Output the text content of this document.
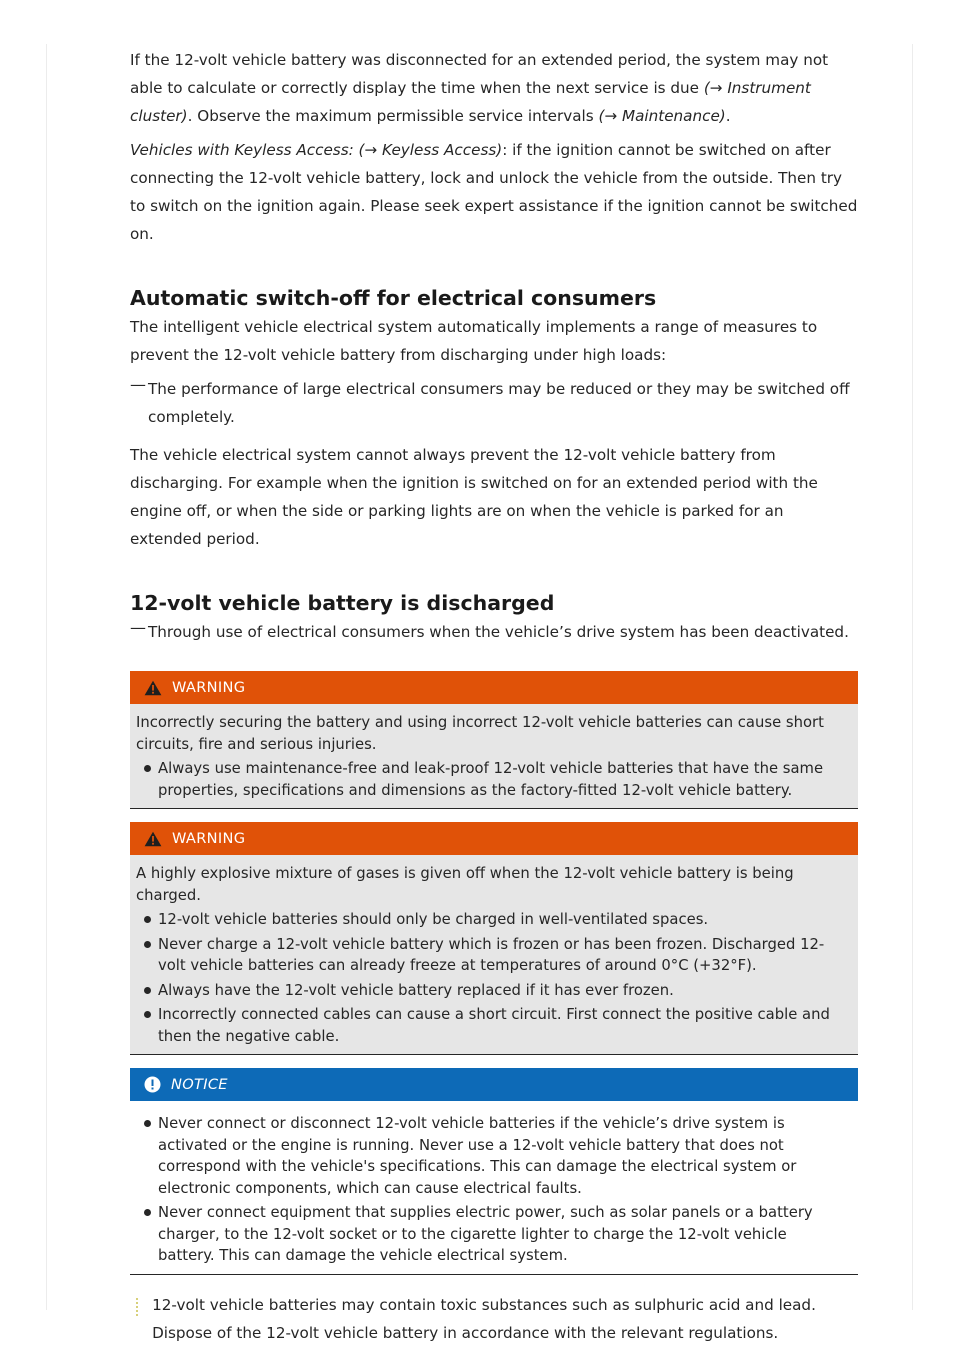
If the 12-volt vehicle battery was disconnected for an extended period, the system may not able to calculate or correctly display the time when the next service is due (→ Instrument cluster). Observe the maximum permissible service intervals (→ Maintenance).

Vehicles with Keyless Access: (→ Keyless Access): if the ignition cannot be switched on after connecting the 12-volt vehicle battery, lock and unlock the vehicle from the outside. Then try to switch on the ignition again. Please seek expert assistance if the ignition cannot be switched on.

Automatic switch-off for electrical consumers

The intelligent vehicle electrical system automatically implements a range of measures to prevent the 12-volt vehicle battery from discharging under high loads:

— The performance of large electrical consumers may be reduced or they may be switched off completely.

The vehicle electrical system cannot always prevent the 12-volt vehicle battery from discharging. For example when the ignition is switched on for an extended period with the engine off, or when the side or parking lights are on when the vehicle is parked for an extended period.

12-volt vehicle battery is discharged
— Through use of electrical consumers when the vehicle’s drive system has been deactivated.

WARNING

Incorrectly securing the battery and using incorrect 12-volt vehicle batteries can cause short circuits, fire and serious injuries.

Always use maintenance-free and leak-proof 12-volt vehicle batteries that have the same properties, specifications and dimensions as the factory-fitted 12-volt vehicle battery.
WARNING

A highly explosive mixture of gases is given off when the 12-volt vehicle battery is being charged.

12-volt vehicle batteries should only be charged in well-ventilated spaces.
Never charge a 12-volt vehicle battery which is frozen or has been frozen. Discharged 12-volt vehicle batteries can already freeze at temperatures of around 0°C (+32°F).
Always have the 12-volt vehicle battery replaced if it has ever frozen.
Incorrectly connected cables can cause a short circuit. First connect the positive cable and then the negative cable.
NOTICE
Never connect or disconnect 12-volt vehicle batteries if the vehicle’s drive system is activated or the engine is running. Never use a 12-volt vehicle battery that does not correspond with the vehicle's specifications. This can damage the electrical system or electronic components, which can cause electrical faults.
Never connect equipment that supplies electric power, such as solar panels or a battery charger, to the 12-volt socket or to the cigarette lighter to charge the 12-volt vehicle battery. This can damage the vehicle electrical system.

12-volt vehicle batteries may contain toxic substances such as sulphuric acid and lead. Dispose of the 12-volt vehicle battery in accordance with the relevant regulations.
